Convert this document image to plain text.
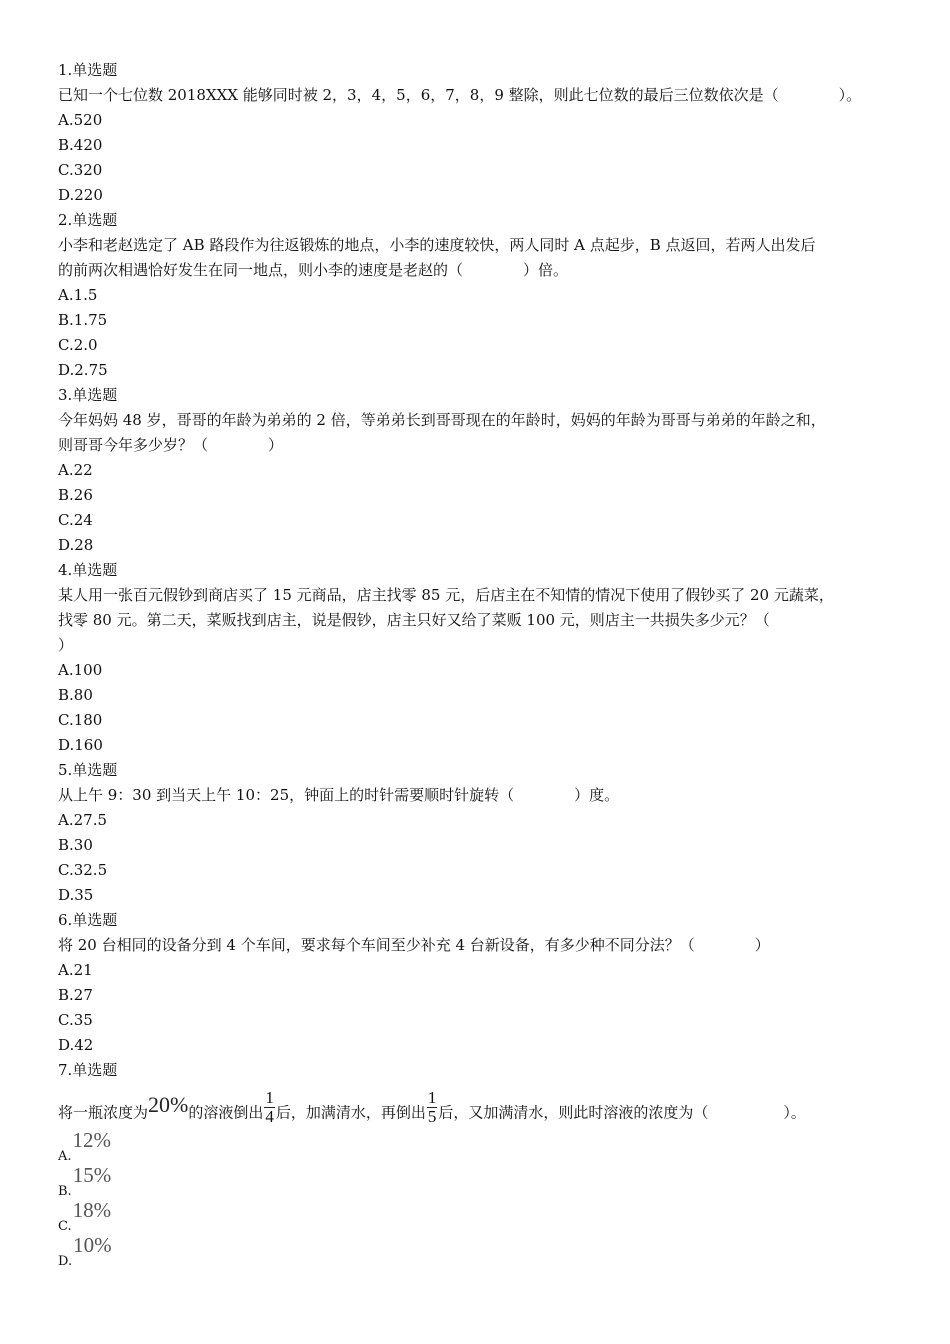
1.单选题
已知一个七位数 2018XXX 能够同时被 2，3，4，5，6，7，8，9 整除，则此七位数的最后三位数依次是（　　　　）。
A.520
B.420
C.320
D.220
2.单选题
小李和老赵选定了 AB 路段作为往返锻炼的地点，小李的速度较快，两人同时 A 点起步，B 点返回，若两人出发后
的前两次相遇恰好发生在同一地点，则小李的速度是老赵的（　　　　）倍。
A.1.5
B.1.75
C.2.0
D.2.75
3.单选题
今年妈妈 48 岁，哥哥的年龄为弟弟的 2 倍，等弟弟长到哥哥现在的年龄时，妈妈的年龄为哥哥与弟弟的年龄之和，
则哥哥今年多少岁？（　　　　）
A.22
B.26
C.24
D.28
4.单选题
某人用一张百元假钞到商店买了 15 元商品，店主找零 85 元，后店主在不知情的情况下使用了假钞买了 20 元蔬菜，
找零 80 元。第二天，菜贩找到店主，说是假钞，店主只好又给了菜贩 100 元，则店主一共损失多少元？（
）
A.100
B.80
C.180
D.160
5.单选题
从上午 9：30 到当天上午 10：25，钟面上的时针需要顺时针旋转（　　　　）度。
A.27.5
B.30
C.32.5
D.35
6.单选题
将 20 台相同的设备分到 4 个车间，要求每个车间至少补充 4 台新设备，有多少种不同分法？（　　　　）
A.21
B.27
C.35
D.42
7.单选题
将一瓶浓度为20%的溶液倒出 $\frac{1}{4}$ 后，加满清水，再倒出 $\frac{1}{5}$ 后，又加满清水，则此时溶液的浓度为（　　　　　）。
A.12%
B.15%
C.18%
D.10%
